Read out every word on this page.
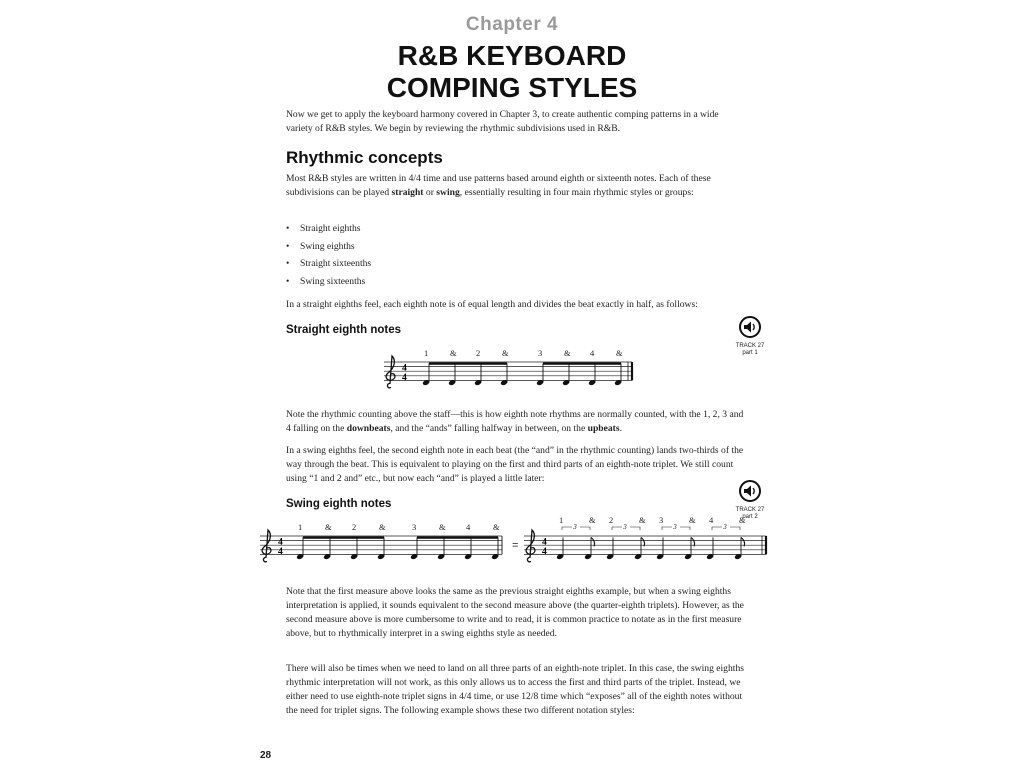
Chapter 4
R&B KEYBOARD
COMPING STYLES

Now we get to apply the keyboard harmony covered in Chapter 3, to create authentic comping patterns in a wide variety of R&B styles. We begin by reviewing the rhythmic subdivisions used in R&B.

Rhythmic concepts

Most R&B styles are written in 4/4 time and use patterns based around eighth or sixteenth notes. Each of these subdivisions can be played straight or swing, essentially resulting in four main rhythmic styles or groups:

• Straight eighths
• Swing eighths
• Straight sixteenths
• Swing sixteenths

In a straight eighths feel, each eighth note is of equal length and divides the beat exactly in half, as follows:

Straight eighth notes
TRACK 27
part 1
4
4
1	& 2	&	3	& 4	&

Note the rhythmic counting above the staff—this is how eighth note rhythms are normally counted, with the 1, 2, 3 and 4 falling on the downbeats, and the “ands” falling halfway in between, on the upbeats.

In a swing eighths feel, the second eighth note in each beat (the “and” in the rhythmic counting) lands two-thirds of the way through the beat. This is equivalent to playing on the first and third parts of an eighth-note triplet. We still count using “1 and 2 and” etc., but now each “and” is played a little later:

Swing eighth notes	TRACK 27
part 2
4
4
1	& 2	&	3	& 4	&
= 4
4
3
1	&
3
2	&
3
3	&
3
4	&

Note that the first measure above looks the same as the previous straight eighths example, but when a swing eighths interpretation is applied, it sounds equivalent to the second measure above (the quarter-eighth triplets). However, as the second measure above is more cumbersome to write and to read, it is common practice to notate as in the first measure above, but to rhythmically interpret in a swing eighths style as needed.

There will also be times when we need to land on all three parts of an eighth-note triplet. In this case, the swing eighths rhythmic interpretation will not work, as this only allows us to access the first and third parts of the triplet. Instead, we either need to use eighth-note triplet signs in 4/4 time, or use 12/8 time which “exposes” all of the eighth notes without the need for triplet signs. The following example shows these two different notation styles:

28
